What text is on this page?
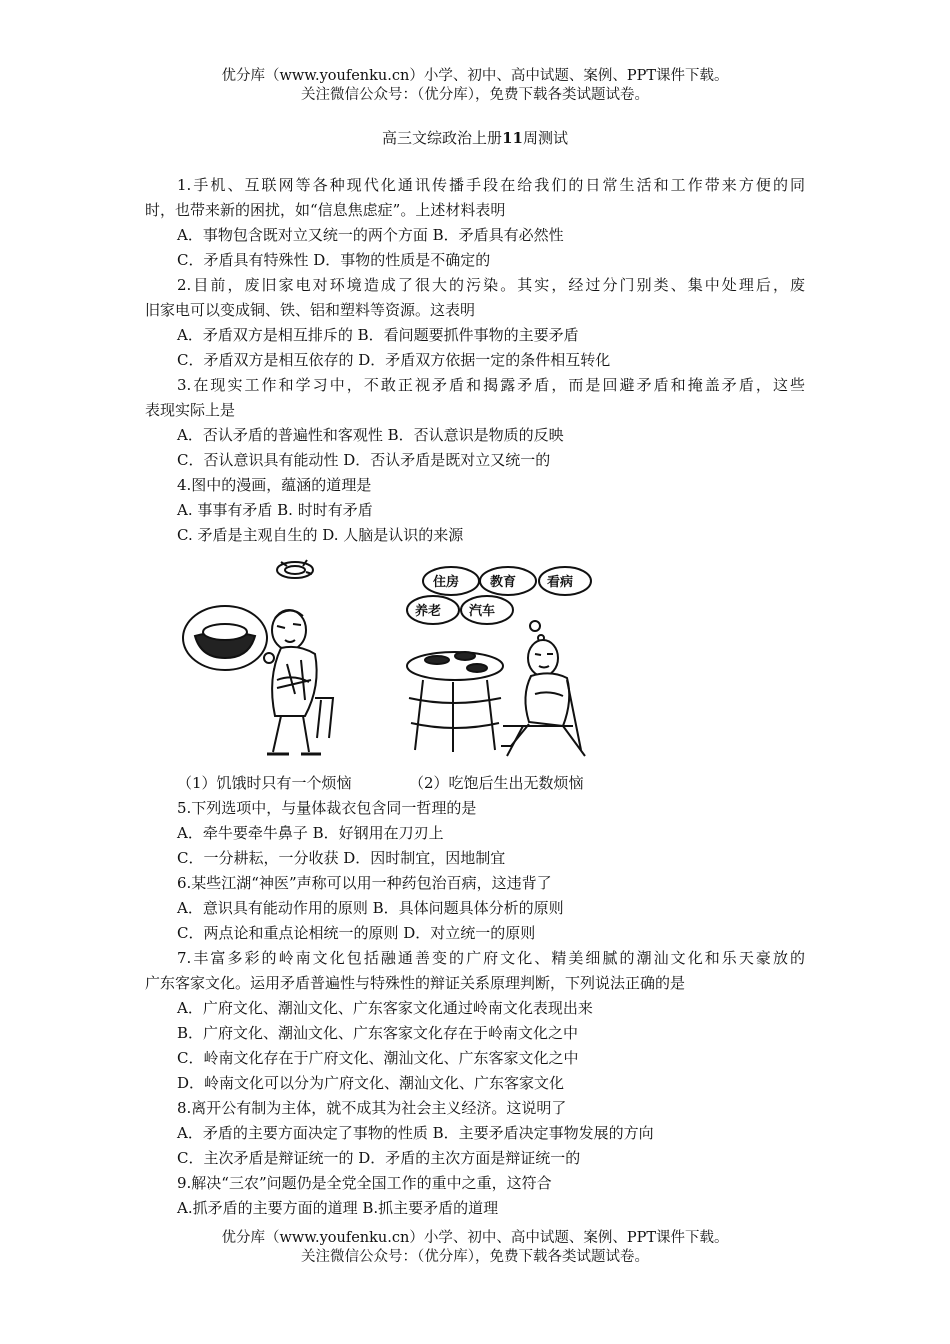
优分库（www.youfenku.cn）小学、初中、高中试题、案例、PPT课件下载。
关注微信公众号：（优分库），免费下载各类试题试卷。
高三文综政治上册11周测试
1.手机、互联网等各种现代化通讯传播手段在给我们的日常生活和工作带来方便的同
时，也带来新的困扰，如“信息焦虑症”。上述材料表明
A．事物包含既对立又统一的两个方面 B．矛盾具有必然性
C．矛盾具有特殊性 D．事物的性质是不确定的
2.目前，废旧家电对环境造成了很大的污染。其实，经过分门别类、集中处理后，废
旧家电可以变成铜、铁、铝和塑料等资源。这表明
A．矛盾双方是相互排斥的 B．看问题要抓件事物的主要矛盾
C．矛盾双方是相互依存的 D．矛盾双方依据一定的条件相互转化
3.在现实工作和学习中，不敢正视矛盾和揭露矛盾，而是回避矛盾和掩盖矛盾，这些
表现实际上是
A．否认矛盾的普遍性和客观性 B．否认意识是物质的反映
C．否认意识具有能动性 D．否认矛盾是既对立又统一的
4.图中的漫画，蕴涵的道理是
A. 事事有矛盾 B. 时时有矛盾
C. 矛盾是主观自生的 D. 人脑是认识的来源
住房 教育 看病
养老 汽车
（1）饥饿时只有一个烦恼	（2）吃饱后生出无数烦恼
5.下列选项中，与量体裁衣包含同一哲理的是
A．牵牛要牵牛鼻子 B．好钢用在刀刃上
C．一分耕耘，一分收获 D．因时制宜，因地制宜
6.某些江湖“神医”声称可以用一种药包治百病，这违背了
A．意识具有能动作用的原则 B．具体问题具体分析的原则
C．两点论和重点论相统一的原则 D．对立统一的原则
7.丰富多彩的岭南文化包括融通善变的广府文化、精美细腻的潮汕文化和乐天豪放的
广东客家文化。运用矛盾普遍性与特殊性的辩证关系原理判断，下列说法正确的是
A．广府文化、潮汕文化、广东客家文化通过岭南文化表现出来
B．广府文化、潮汕文化、广东客家文化存在于岭南文化之中
C．岭南文化存在于广府文化、潮汕文化、广东客家文化之中
D．岭南文化可以分为广府文化、潮汕文化、广东客家文化
8.离开公有制为主体，就不成其为社会主义经济。这说明了
A．矛盾的主要方面决定了事物的性质 B．主要矛盾决定事物发展的方向
C．主次矛盾是辩证统一的 D．矛盾的主次方面是辩证统一的
9.解决“三农”问题仍是全党全国工作的重中之重，这符合
A.抓矛盾的主要方面的道理 B.抓主要矛盾的道理
优分库（www.youfenku.cn）小学、初中、高中试题、案例、PPT课件下载。
关注微信公众号：（优分库），免费下载各类试题试卷。
